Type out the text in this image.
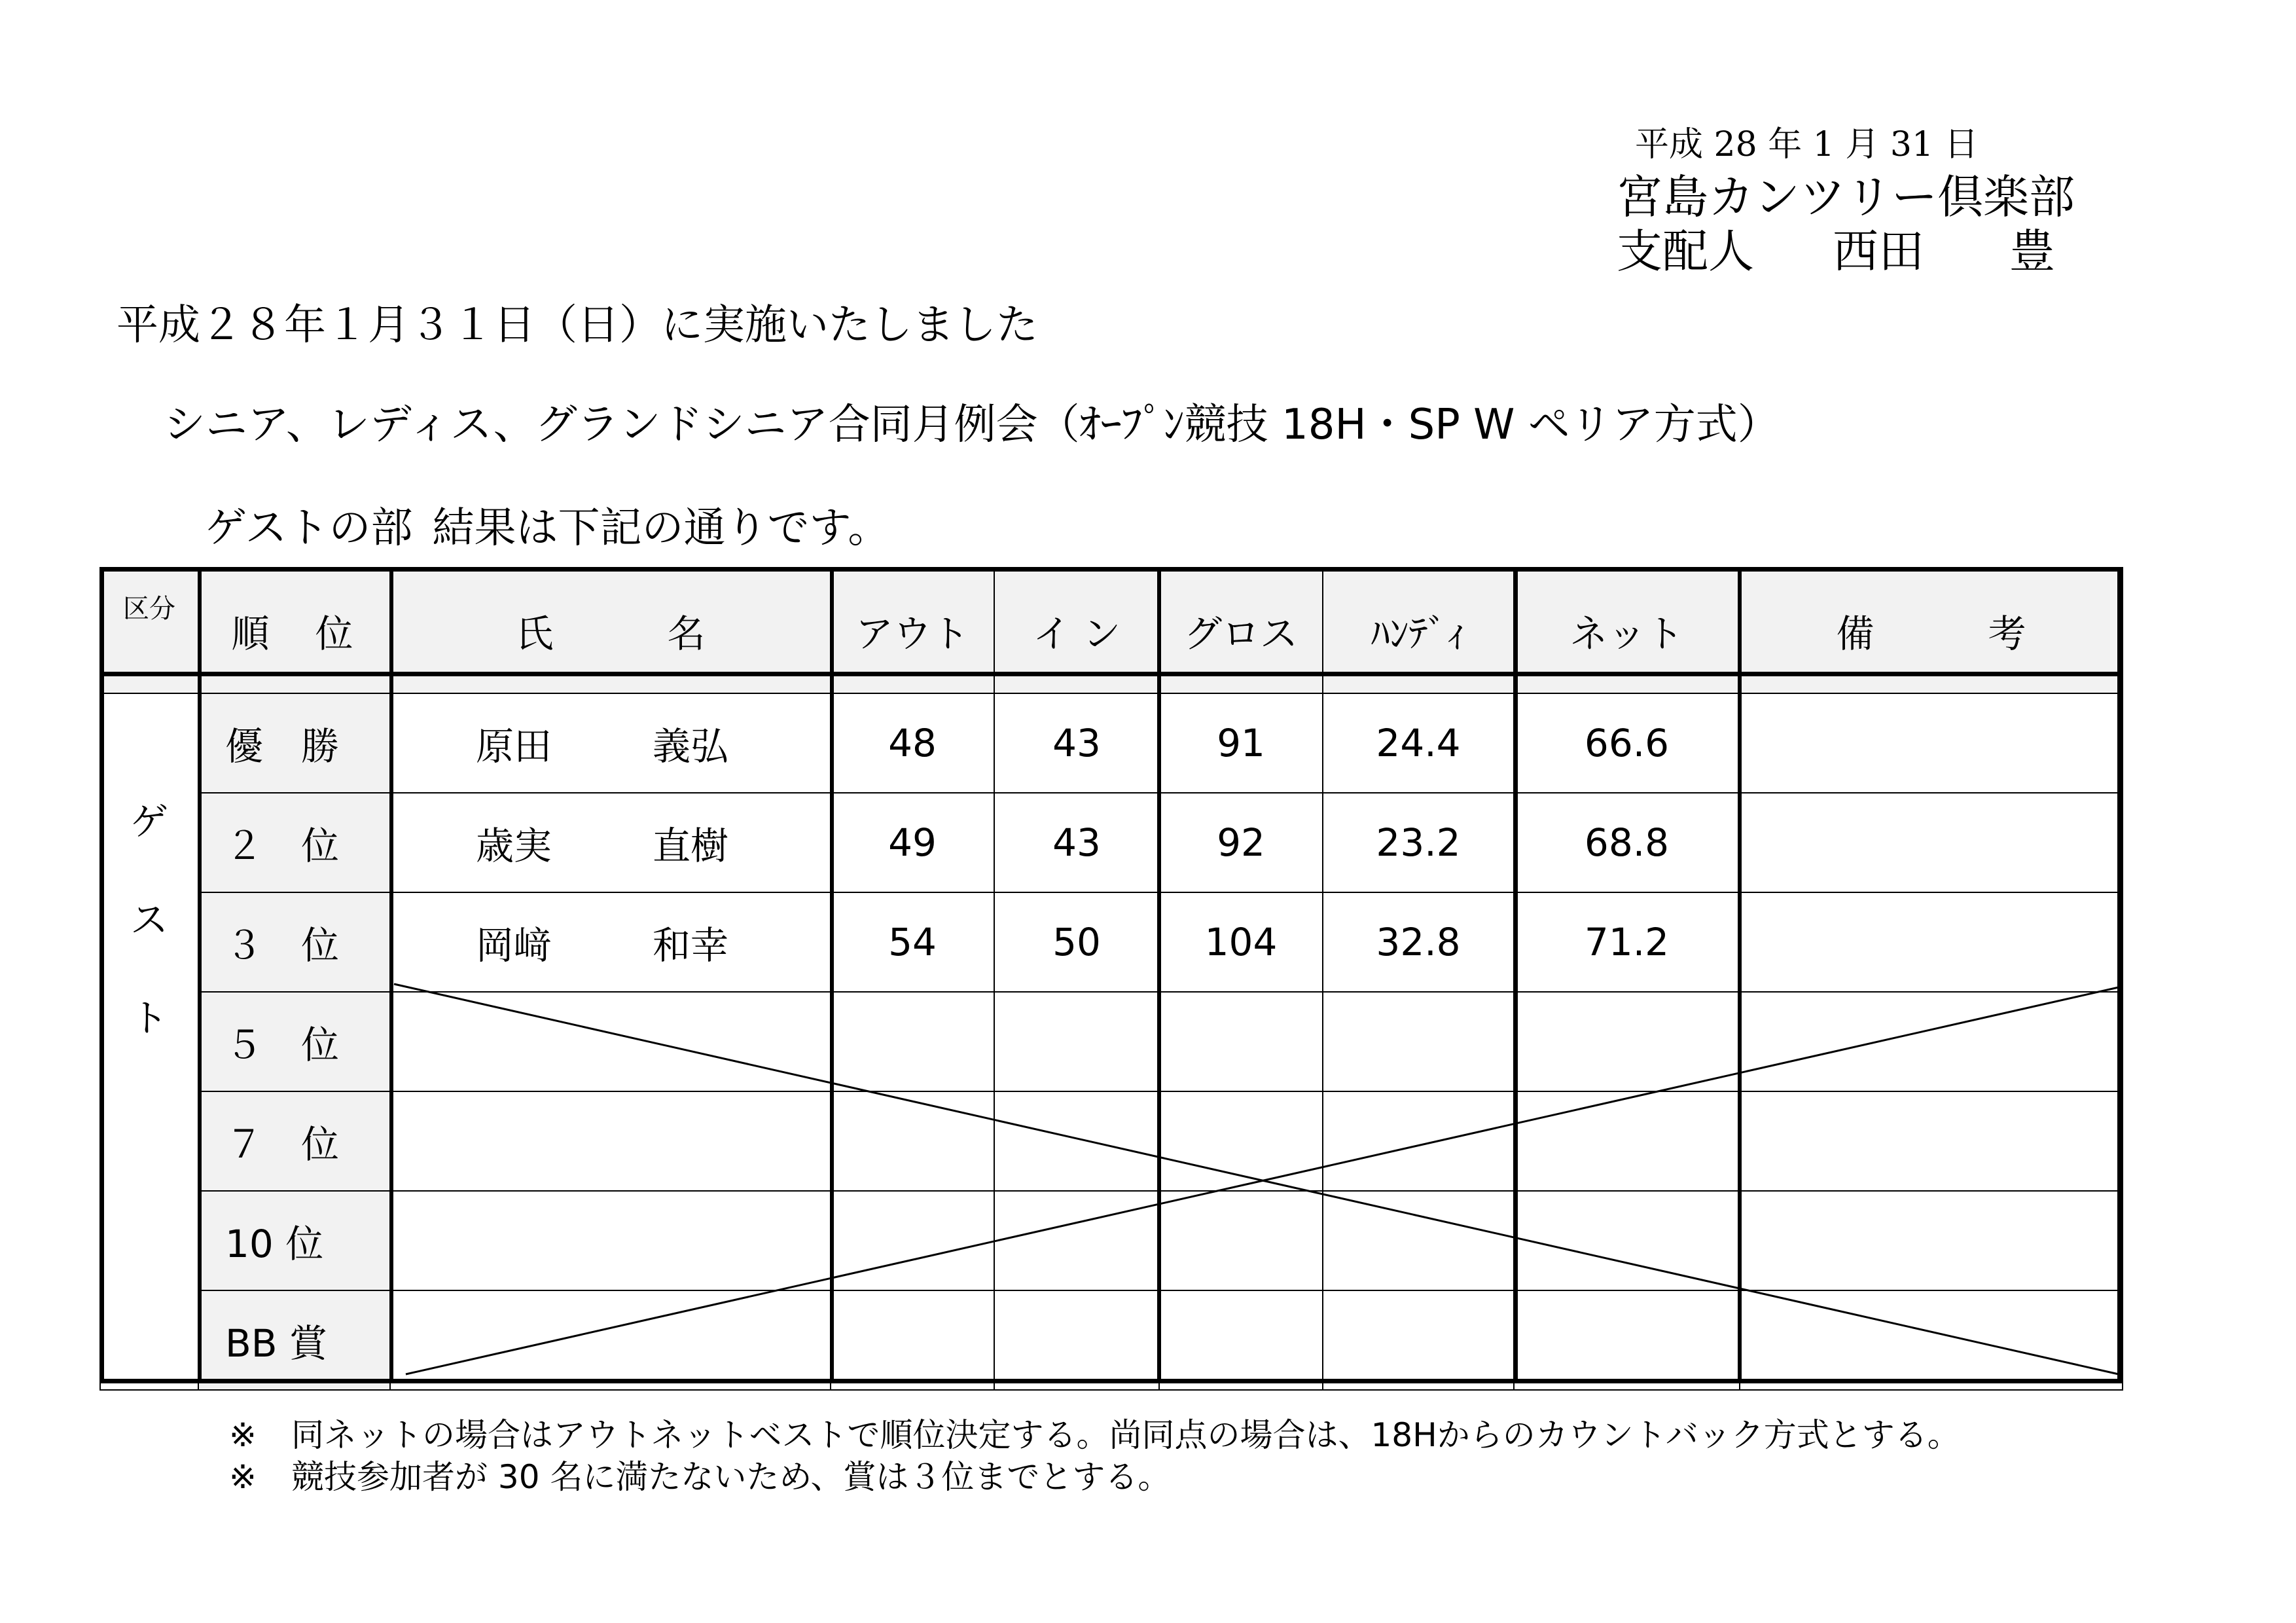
平成 28 年 1 月 31 日
宮島カンツリー倶楽部
支配人 西田 豊
平成２８年１月３１日（日）に実施いたしました
シニア、レディス、グランドシニア合同月例会（ｵｰﾌﾟﾝ競技 18H・SP W ペリア方式）
ゲストの部 結果は下記の通りです。
区分	順　位	氏　　　名	アウト	イ ン	グロス	ﾊﾝﾃﾞｨ	ネット	備　　　考

ゲ
ス
ト	優　勝	原田 義弘	48	43	91	24.4	66.6	
	２　位	歳実 直樹	49	43	92	23.2	68.8	
	３　位	岡﨑 和幸	54	50	104	32.8	71.2	
	５　位							
	７　位							
	10 位							
	BB 賞							
※ 同ネットの場合はアウトネットベストで順位決定する。尚同点の場合は、18Hからのカウントバック方式とする。
※ 競技参加者が 30 名に満たないため、賞は３位までとする。
